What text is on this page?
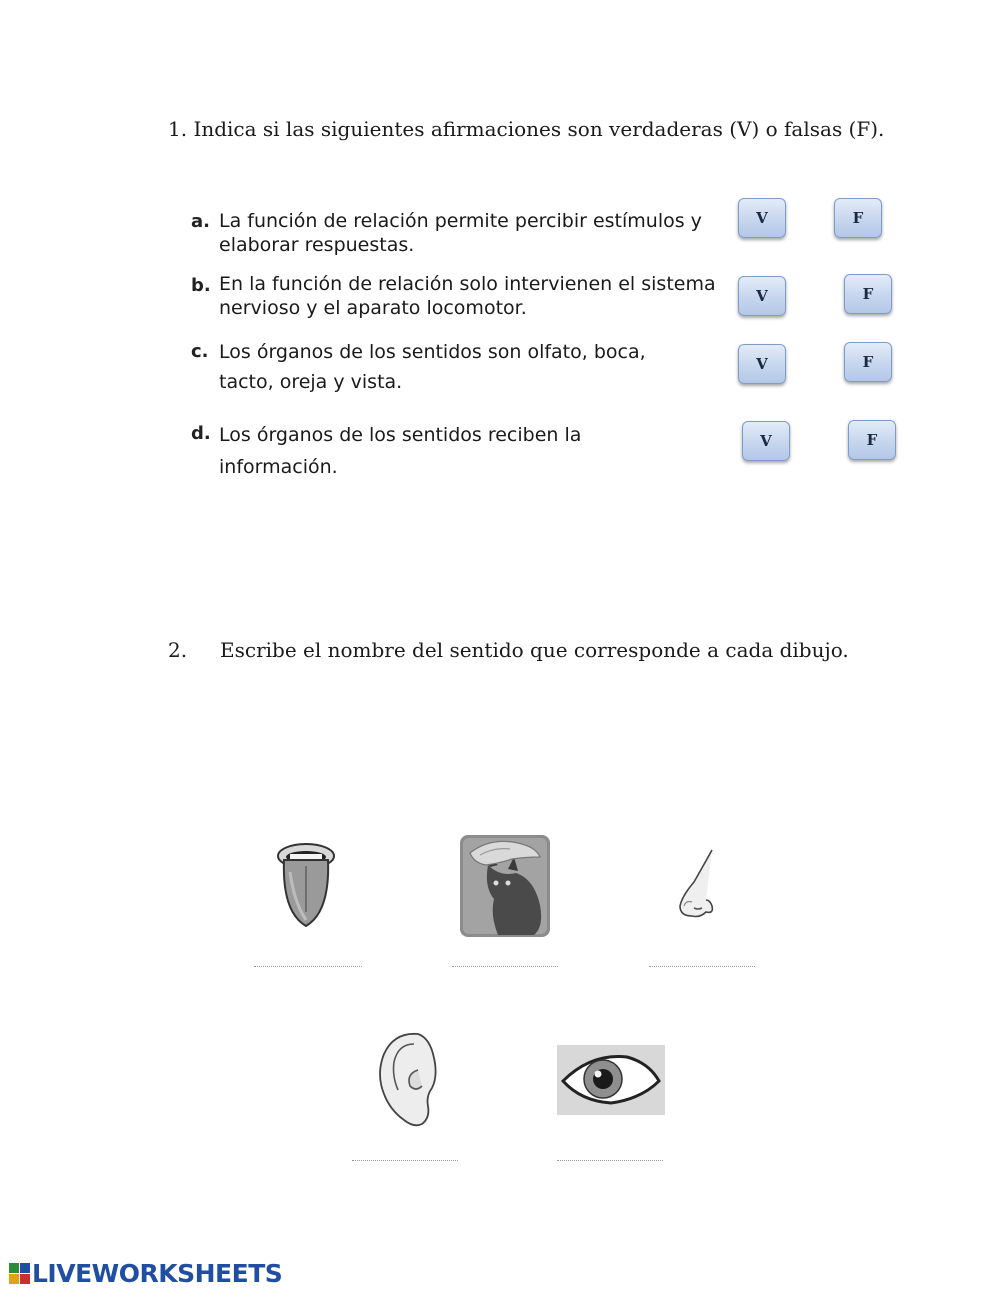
1. Indica si las siguientes afirmaciones son verdaderas (V) o falsas (F).
a. La función de relación permite percibir estímulos y
elaborar respuestas.
V	F
b. En la función de relación solo intervienen el sistema
nervioso y el aparato locomotor.
V	F
c. Los órganos de los sentidos son olfato, boca,
tacto, oreja y vista.
V	F
d. Los órganos de los sentidos reciben la
información.
V	F
2. Escribe el nombre del sentido que corresponde a cada dibujo.
LIVEWORKSHEETS
